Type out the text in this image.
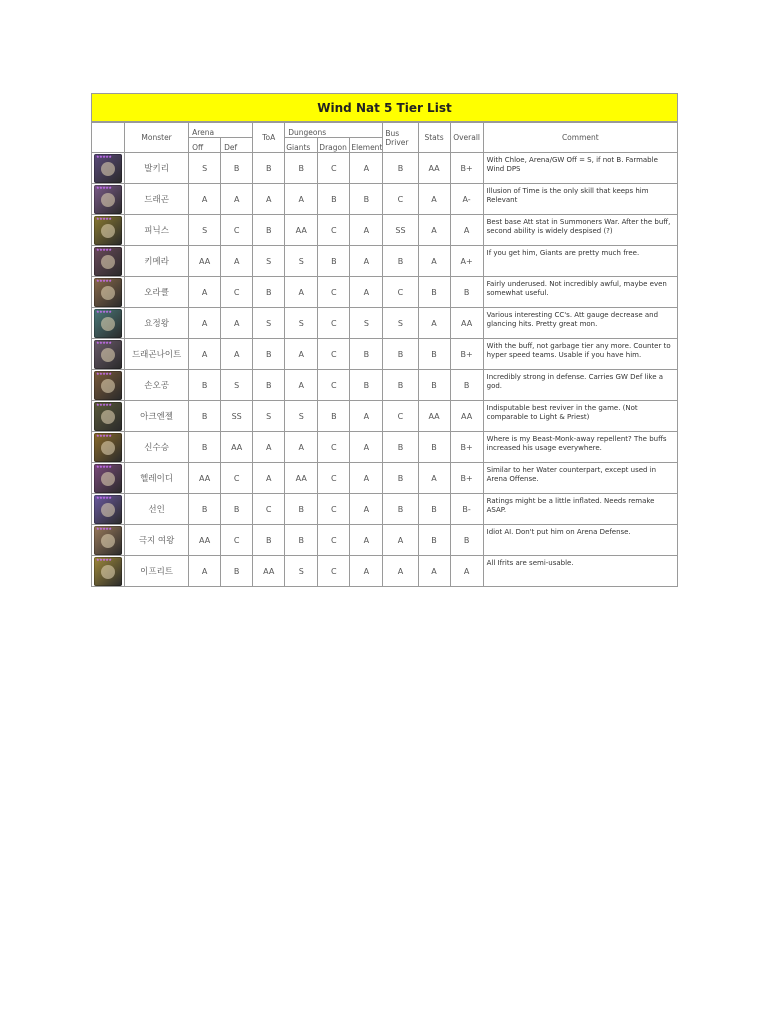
Wind Nat 5 Tier List
	Monster	Arena		ToA	Dungeons			Bus Driver	Stats	Overall	Comment
		Off	Def		Giants	Dragon	Element				

★★★★★	발키리	S	B	B	B	C	A	B	AA	B+	With Chloe, Arena/GW Off = S, if not B. Farmable Wind DPS

★★★★★	드래곤	A	A	A	A	B	B	C	A	A-	Illusion of Time is the only skill that keeps him Relevant

★★★★★	피닉스	S	C	B	AA	C	A	SS	A	A	Best base Att stat in Summoners War. After the buff, second ability is widely despised (?)

★★★★★	키메라	AA	A	S	S	B	A	B	A	A+	If you get him, Giants are pretty much free.

★★★★★	오라클	A	C	B	A	C	A	C	B	B	Fairly underused. Not incredibly awful, maybe even somewhat useful.

★★★★★	요정왕	A	A	S	S	C	S	S	A	AA	Various interesting CC's. Att gauge decrease and glancing hits. Pretty great mon.

★★★★★	드래곤나이트	A	A	B	A	C	B	B	B	B+	With the buff, not garbage tier any more. Counter to hyper speed teams. Usable if you have him.

★★★★★	손오공	B	S	B	A	C	B	B	B	B	Incredibly strong in defense. Carries GW Def like a god.

★★★★★	아크엔젤	B	SS	S	S	B	A	C	AA	AA	Indisputable best reviver in the game. (Not comparable to Light & Priest)

★★★★★	신수승	B	AA	A	A	C	A	B	B	B+	Where is my Beast-Monk-away repellent? The buffs increased his usage everywhere.

★★★★★	헬레이디	AA	C	A	AA	C	A	B	A	B+	Similar to her Water counterpart, except used in Arena Offense.

★★★★★	선인	B	B	C	B	C	A	B	B	B-	Ratings might be a little inflated. Needs remake ASAP.

★★★★★	극지 여왕	AA	C	B	B	C	A	A	B	B	Idiot AI. Don't put him on Arena Defense.

★★★★★	이프리트	A	B	AA	S	C	A	A	A	A	All Ifrits are semi-usable.
